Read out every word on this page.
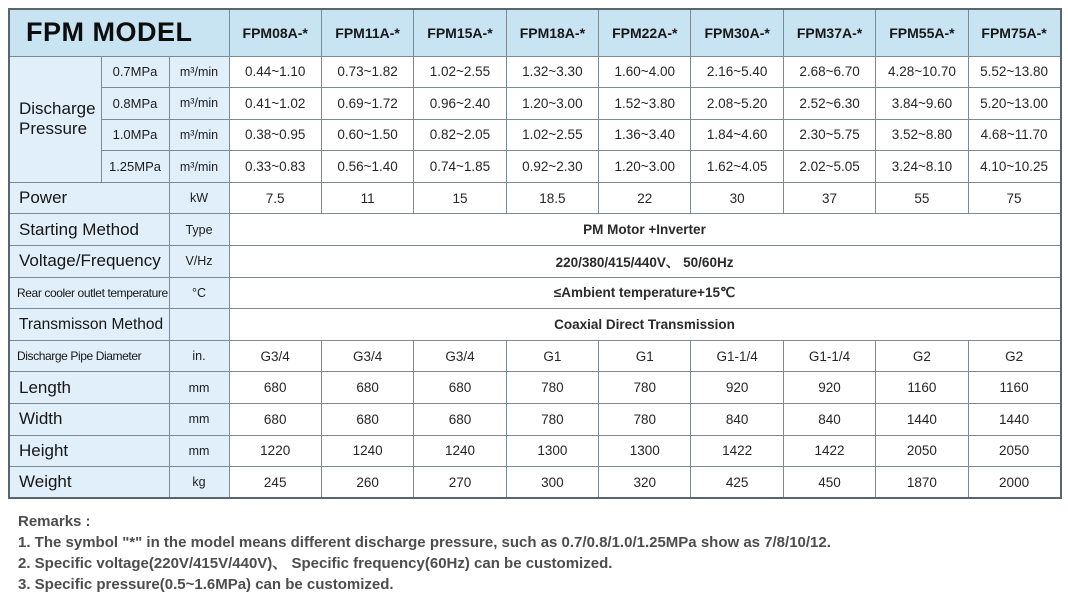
FPM MODEL			FPM08A-*	FPM11A-*	FPM15A-*	FPM18A-*	FPM22A-*	FPM30A-*	FPM37A-*	FPM55A-*	FPM75A-*
Discharge Pressure	0.7MPa	m³/min	0.44~1.10	0.73~1.82	1.02~2.55	1.32~3.30	1.60~4.00	2.16~5.40	2.68~6.70	4.28~10.70	5.52~13.80
	0.8MPa	m³/min	0.41~1.02	0.69~1.72	0.96~2.40	1.20~3.00	1.52~3.80	2.08~5.20	2.52~6.30	3.84~9.60	5.20~13.00
	1.0MPa	m³/min	0.38~0.95	0.60~1.50	0.82~2.05	1.02~2.55	1.36~3.40	1.84~4.60	2.30~5.75	3.52~8.80	4.68~11.70
	1.25MPa	m³/min	0.33~0.83	0.56~1.40	0.74~1.85	0.92~2.30	1.20~3.00	1.62~4.05	2.02~5.05	3.24~8.10	4.10~10.25
Power		kW	7.5	11	15	18.5	22	30	37	55	75
Starting Method		Type	PM Motor +Inverter								
Voltage/Frequency		V/Hz	220/380/415/440V、 50/60Hz								
Rear cooler outlet temperature		°C	≤Ambient temperature+15℃								
Transmisson Method			Coaxial Direct Transmission								
Discharge Pipe Diameter		in.	G3/4	G3/4	G3/4	G1	G1	G1-1/4	G1-1/4	G2	G2
Length		mm	680	680	680	780	780	920	920	1160	1160
Width		mm	680	680	680	780	780	840	840	1440	1440
Height		mm	1220	1240	1240	1300	1300	1422	1422	2050	2050
Weight		kg	245	260	270	300	320	425	450	1870	2000
Remarks :
1. The symbol "*" in the model means different discharge pressure, such as 0.7/0.8/1.0/1.25MPa show as 7/8/10/12.
2. Specific voltage(220V/415V/440V)、 Specific frequency(60Hz) can be customized.
3. Specific pressure(0.5~1.6MPa) can be customized.
